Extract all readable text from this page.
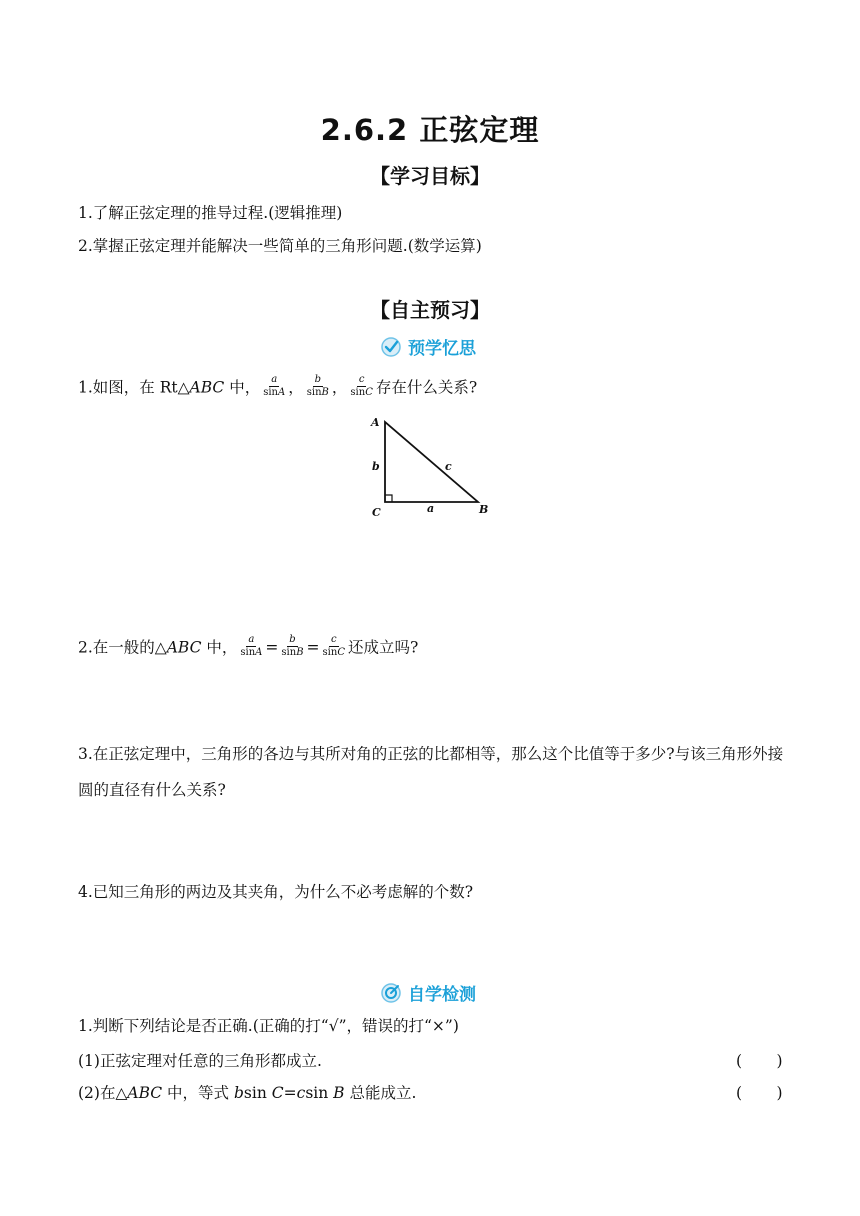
2.6.2 正弦定理
【学习目标】
1.了解正弦定理的推导过程.(逻辑推理)
2.掌握正弦定理并能解决一些简单的三角形问题.(数学运算)
【自主预习】
预学忆思
1.如图，在 Rt△ABC 中， $\frac{a}{\sin A}$ ， $\frac{b}{\sin B}$ ， $\frac{c}{\sin C}$ 存在什么关系?
A
C	B
b	c
a
2.在一般的△ABC 中， $\frac{a}{\sin A} = \frac{b}{\sin B} = \frac{c}{\sin C}$ 还成立吗?
3.在正弦定理中，三角形的各边与其所对角的正弦的比都相等，那么这个比值等于多少?与该三角形外接圆的直径有什么关系?
4.已知三角形的两边及其夹角，为什么不必考虑解的个数?
自学检测
1.判断下列结论是否正确.(正确的打“√”，错误的打“×”)
(1)正弦定理对任意的三角形都成立.	(       )
(2)在△ABC 中，等式 bsin C=csin B 总能成立.	(       )
